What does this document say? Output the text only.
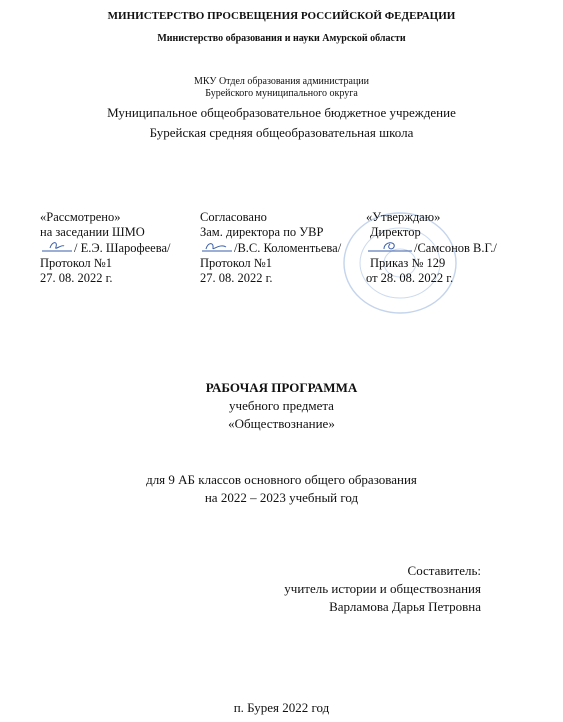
МИНИСТЕРСТВО ПРОСВЕЩЕНИЯ РОССИЙСКОЙ ФЕДЕРАЦИИ
Министерство образования и науки Амурской области
МКУ Отдел образования администрации
Бурейского муниципального округа
Муниципальное общеобразовательное бюджетное учреждение
Бурейская средняя общеобразовательная школа
«Рассмотрено»
на заседании ШМО
/ Е.Э. Шарофеева/
Протокол №1
27. 08. 2022 г.
Согласовано
Зам. директора по УВР
/В.С. Коломентьева/
Протокол №1
27. 08. 2022 г.
«Утверждаю»
Директор
/Самсонов В.Г./
Приказ № 129
от 28. 08. 2022 г.
РАБОЧАЯ ПРОГРАММА
учебного предмета
«Обществознание»
для 9 АБ классов основного общего образования
на 2022 – 2023 учебный год
Составитель:
учитель истории и обществознания
Варламова Дарья Петровна
п. Бурея 2022 год
